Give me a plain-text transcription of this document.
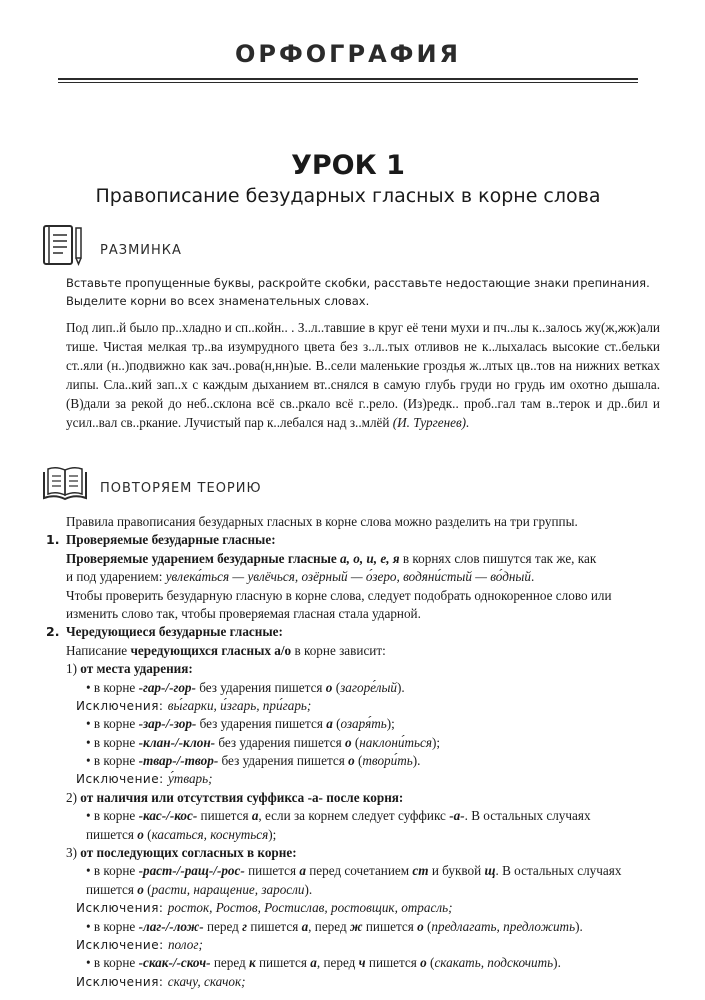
ОРФОГРАФИЯ
УРОК 1
Правописание безударных гласных в корне слова
РАЗМИНКА
Вставьте пропущенные буквы, раскройте скобки, расставьте недостающие знаки препинания.
Выделите корни во всех знаменательных словах.
Под лип..й было пр..хладно и сп..койн.. . З..л..тавшие в круг её тени мухи и пч..лы к..залось жу(ж,жж)али тише. Чистая мелкая тр..ва изумрудного цвета без з..л..тых отливов не к..лыхалась высокие ст..бельки ст..яли (н..)подвижно как зач..рова(н,нн)ые. В..сели маленькие гроздья ж..лтых цв..тов на нижних ветках липы. Сла..кий зап..х с каждым дыханием вт..снялся в самую глубь груди но грудь им охотно дышала. (В)дали за рекой до неб..склона всё св..ркало всё г..рело. (Из)редк.. проб..гал там в..терок и др..бил и усил..вал св..ркание. Лучистый пар к..лебался над з..млёй (И. Тургенев).
ПОВТОРЯЕМ ТЕОРИЮ
Правила правописания безударных гласных в корне слова можно разделить на три группы.
1. Проверяемые безударные гласные:
Проверяемые ударением безударные гласные а, о, и, е, я в корнях слов пишутся так же, как
и под ударением: увлека́ться — увлёчься, озёрный — о́зеро, водяни́стый — во́дный.
Чтобы проверить безударную гласную в корне слова, следует подобрать однокоренное слово или
изменить слово так, чтобы проверяемая гласная стала ударной.
2. Чередующиеся безударные гласные:
Написание чередующихся гласных а/о в корне зависит:
1) от места ударения:
• в корне -гар-/-гор- без ударения пишется о (загоре́лый).
Исключения: вы́гарки, и́згарь, при́гарь;
• в корне -зар-/-зор- без ударения пишется а (озаря́ть);
• в корне -клан-/-клон- без ударения пишется о (наклони́ться);
• в корне -твар-/-твор- без ударения пишется о (твори́ть).
Исключение: у́тварь;
2) от наличия или отсутствия суффикса -а- после корня:
• в корне -кас-/-кос- пишется а, если за корнем следует суффикс -а-. В остальных случаях
пишется о (касаться, коснуться);
3) от последующих согласных в корне:
• в корне -раст-/-ращ-/-рос- пишется а перед сочетанием ст и буквой щ. В остальных случаях
пишется о (расти, наращение, заросли).
Исключения: росток, Ростов, Ростислав, ростовщик, отрасль;
• в корне -лаг-/-лож- перед г пишется а, перед ж пишется о (предлагать, предложить).
Исключение: полог;
• в корне -скак-/-скоч- перед к пишется а, перед ч пишется о (скакать, подскочить).
Исключения: скачу, скачок;
